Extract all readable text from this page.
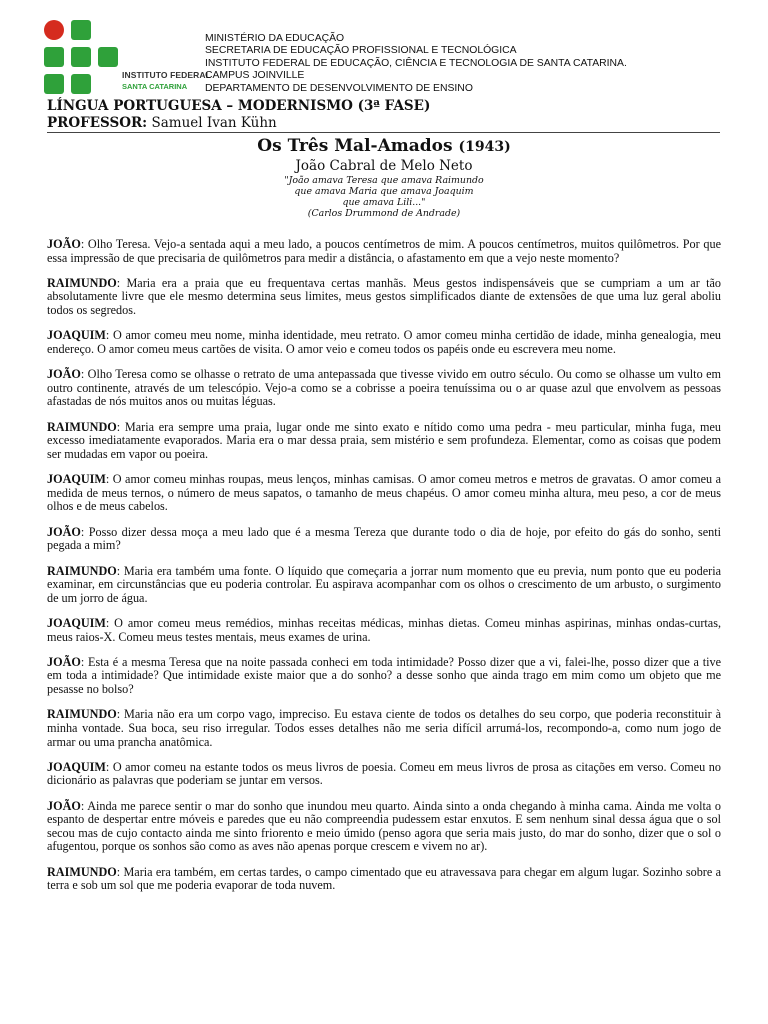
INSTITUTO FEDERAL
SANTA CATARINA
MINISTÉRIO DA EDUCAÇÃO
SECRETARIA DE EDUCAÇÃO PROFISSIONAL E TECNOLÓGICA
INSTITUTO FEDERAL DE EDUCAÇÃO, CIÊNCIA E TECNOLOGIA DE SANTA CATARINA.
CAMPUS JOINVILLE
DEPARTAMENTO DE DESENVOLVIMENTO DE ENSINO
LÍNGUA PORTUGUESA – MODERNISMO (3ª FASE)
PROFESSOR: Samuel Ivan Kühn
Os Três Mal-Amados (1943)
João Cabral de Melo Neto
"João amava Teresa que amava Raimundo
que amava Maria que amava Joaquim
que amava Lili..."
(Carlos Drummond de Andrade)

JOÃO: Olho Teresa. Vejo-a sentada aqui a meu lado, a poucos centímetros de mim. A poucos centímetros, muitos quilômetros. Por que essa impressão de que precisaria de quilômetros para medir a distância, o afastamento em que a vejo neste momento?

RAIMUNDO: Maria era a praia que eu frequentava certas manhãs. Meus gestos indispensáveis que se cumpriam a um ar tão absolutamente livre que ele mesmo determina seus limites, meus gestos simplificados diante de extensões de que uma luz geral aboliu todos os segredos.

JOAQUIM: O amor comeu meu nome, minha identidade, meu retrato. O amor comeu minha certidão de idade, minha genealogia, meu endereço. O amor comeu meus cartões de visita. O amor veio e comeu todos os papéis onde eu escrevera meu nome.

JOÃO: Olho Teresa como se olhasse o retrato de uma antepassada que tivesse vivido em outro século. Ou como se olhasse um vulto em outro continente, através de um telescópio. Vejo-a como se a cobrisse a poeira tenuíssima ou o ar quase azul que envolvem as pessoas afastadas de nós muitos anos ou muitas léguas.

RAIMUNDO: Maria era sempre uma praia, lugar onde me sinto exato e nítido como uma pedra - meu particular, minha fuga, meu excesso imediatamente evaporados. Maria era o mar dessa praia, sem mistério e sem profundeza. Elementar, como as coisas que podem ser mudadas em vapor ou poeira.

JOAQUIM: O amor comeu minhas roupas, meus lenços, minhas camisas. O amor comeu metros e metros de gravatas. O amor comeu a medida de meus ternos, o número de meus sapatos, o tamanho de meus chapéus. O amor comeu minha altura, meu peso, a cor de meus olhos e de meus cabelos.

JOÃO: Posso dizer dessa moça a meu lado que é a mesma Tereza que durante todo o dia de hoje, por efeito do gás do sonho, senti pegada a mim?

RAIMUNDO: Maria era também uma fonte. O líquido que começaria a jorrar num momento que eu previa, num ponto que eu poderia examinar, em circunstâncias que eu poderia controlar. Eu aspirava acompanhar com os olhos o crescimento de um arbusto, o surgimento de um jorro de água.

JOAQUIM: O amor comeu meus remédios, minhas receitas médicas, minhas dietas. Comeu minhas aspirinas, minhas ondas-curtas, meus raios-X. Comeu meus testes mentais, meus exames de urina.

JOÃO: Esta é a mesma Teresa que na noite passada conheci em toda intimidade? Posso dizer que a vi, falei-lhe, posso dizer que a tive em toda a intimidade? Que intimidade existe maior que a do sonho? a desse sonho que ainda trago em mim como um objeto que me pesasse no bolso?

RAIMUNDO: Maria não era um corpo vago, impreciso. Eu estava ciente de todos os detalhes do seu corpo, que poderia reconstituir à minha vontade. Sua boca, seu riso irregular. Todos esses detalhes não me seria difícil arrumá-los, recompondo-a, como num jogo de armar ou uma prancha anatômica.

JOAQUIM: O amor comeu na estante todos os meus livros de poesia. Comeu em meus livros de prosa as citações em verso. Comeu no dicionário as palavras que poderiam se juntar em versos.

JOÃO: Ainda me parece sentir o mar do sonho que inundou meu quarto. Ainda sinto a onda chegando à minha cama. Ainda me volta o espanto de despertar entre móveis e paredes que eu não compreendia pudessem estar enxutos. E sem nenhum sinal dessa água que o sol secou mas de cujo contacto ainda me sinto friorento e meio úmido (penso agora que seria mais justo, do mar do sonho, dizer que o sol o afugentou, porque os sonhos são como as aves não apenas porque crescem e vivem no ar).

RAIMUNDO: Maria era também, em certas tardes, o campo cimentado que eu atravessava para chegar em algum lugar. Sozinho sobre a terra e sob um sol que me poderia evaporar de toda nuvem.
